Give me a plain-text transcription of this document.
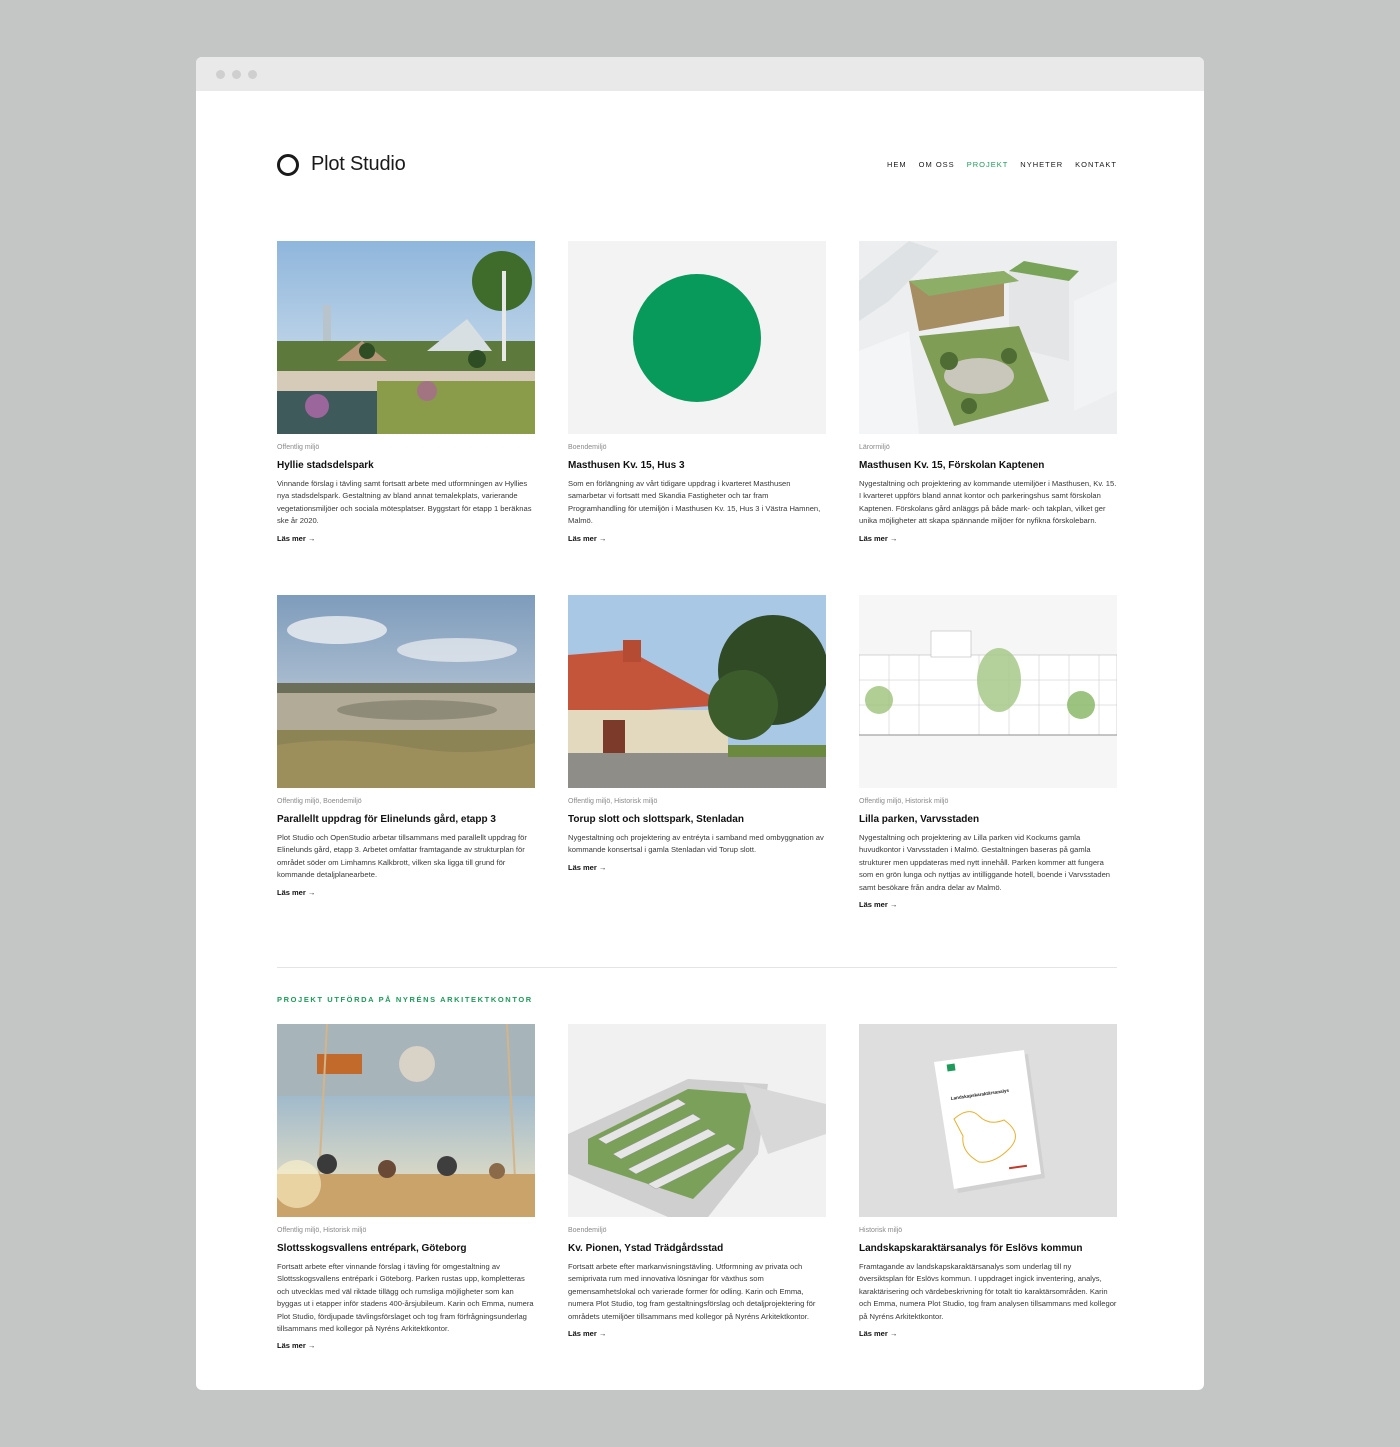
Plot Studio	HEM OM OSS PROJEKT NYHETER KONTAKT
Offentlig miljö
Hyllie stadsdelspark
Vinnande förslag i tävling samt fortsatt arbete med utformningen av Hyllies nya stadsdelspark. Gestaltning av bland annat temalekplats, varierande vegetationsmiljöer och sociala mötesplatser. Byggstart för etapp 1 beräknas ske år 2020.
Läs mer →
Boendemiljö
Masthusen Kv. 15, Hus 3
Som en förlängning av vårt tidigare uppdrag i kvarteret Masthusen samarbetar vi fortsatt med Skandia Fastigheter och tar fram Programhandling för utemiljön i Masthusen Kv. 15, Hus 3 i Västra Hamnen, Malmö.
Läs mer →
Lärormiljö
Masthusen Kv. 15, Förskolan Kaptenen
Nygestaltning och projektering av kommande utemiljöer i Masthusen, Kv. 15. I kvarteret uppförs bland annat kontor och parkeringshus samt förskolan Kaptenen. Förskolans gård anläggs på både mark- och takplan, vilket ger unika möjligheter att skapa spännande miljöer för nyfikna förskolebarn.
Läs mer →
Offentlig miljö, Boendemiljö
Parallellt uppdrag för Elinelunds gård, etapp 3
Plot Studio och OpenStudio arbetar tillsammans med parallellt uppdrag för Elinelunds gård, etapp 3. Arbetet omfattar framtagande av strukturplan för området söder om Limhamns Kalkbrott, vilken ska ligga till grund för kommande detaljplanearbete.
Läs mer →
Offentlig miljö, Historisk miljö
Torup slott och slottspark, Stenladan
Nygestaltning och projektering av entréyta i samband med ombyggnation av kommande konsertsal i gamla Stenladan vid Torup slott.
Läs mer →
Offentlig miljö, Historisk miljö
Lilla parken, Varvsstaden
Nygestaltning och projektering av Lilla parken vid Kockums gamla huvudkontor i Varvsstaden i Malmö. Gestaltningen baseras på gamla strukturer men uppdateras med nytt innehåll. Parken kommer att fungera som en grön lunga och nyttjas av intilliggande hotell, boende i Varvsstaden samt besökare från andra delar av Malmö.
Läs mer →
PROJEKT UTFÖRDA PÅ NYRÉNS ARKITEKTKONTOR
Offentlig miljö, Historisk miljö
Slottsskogsvallens entrépark, Göteborg
Fortsatt arbete efter vinnande förslag i tävling för omgestaltning av Slottsskogsvallens entrépark i Göteborg. Parken rustas upp, kompletteras och utvecklas med väl riktade tillägg och rumsliga möjligheter som kan byggas ut i etapper inför stadens 400-årsjubileum. Karin och Emma, numera Plot Studio, fördjupade tävlingsförslaget och tog fram förfrågningsunderlag tillsammans med kollegor på Nyréns Arkitektkontor.
Läs mer →
Boendemiljö
Kv. Pionen, Ystad Trädgårdsstad
Fortsatt arbete efter markanvisningstävling. Utformning av privata och semiprivata rum med innovativa lösningar för växthus som gemensamhetslokal och varierade former för odling. Karin och Emma, numera Plot Studio, tog fram gestaltningsförslag och detaljprojektering för områdets utemiljöer tillsammans med kollegor på Nyréns Arkitektkontor.
Läs mer →
Landskapskaraktärsanalys
Historisk miljö
Landskapskaraktärsanalys för Eslövs kommun
Framtagande av landskapskaraktärsanalys som underlag till ny översiktsplan för Eslövs kommun. I uppdraget ingick inventering, analys, karaktärisering och värdebeskrivning för totalt tio karaktärsområden. Karin och Emma, numera Plot Studio, tog fram analysen tillsammans med kollegor på Nyréns Arkitektkontor.
Läs mer →
